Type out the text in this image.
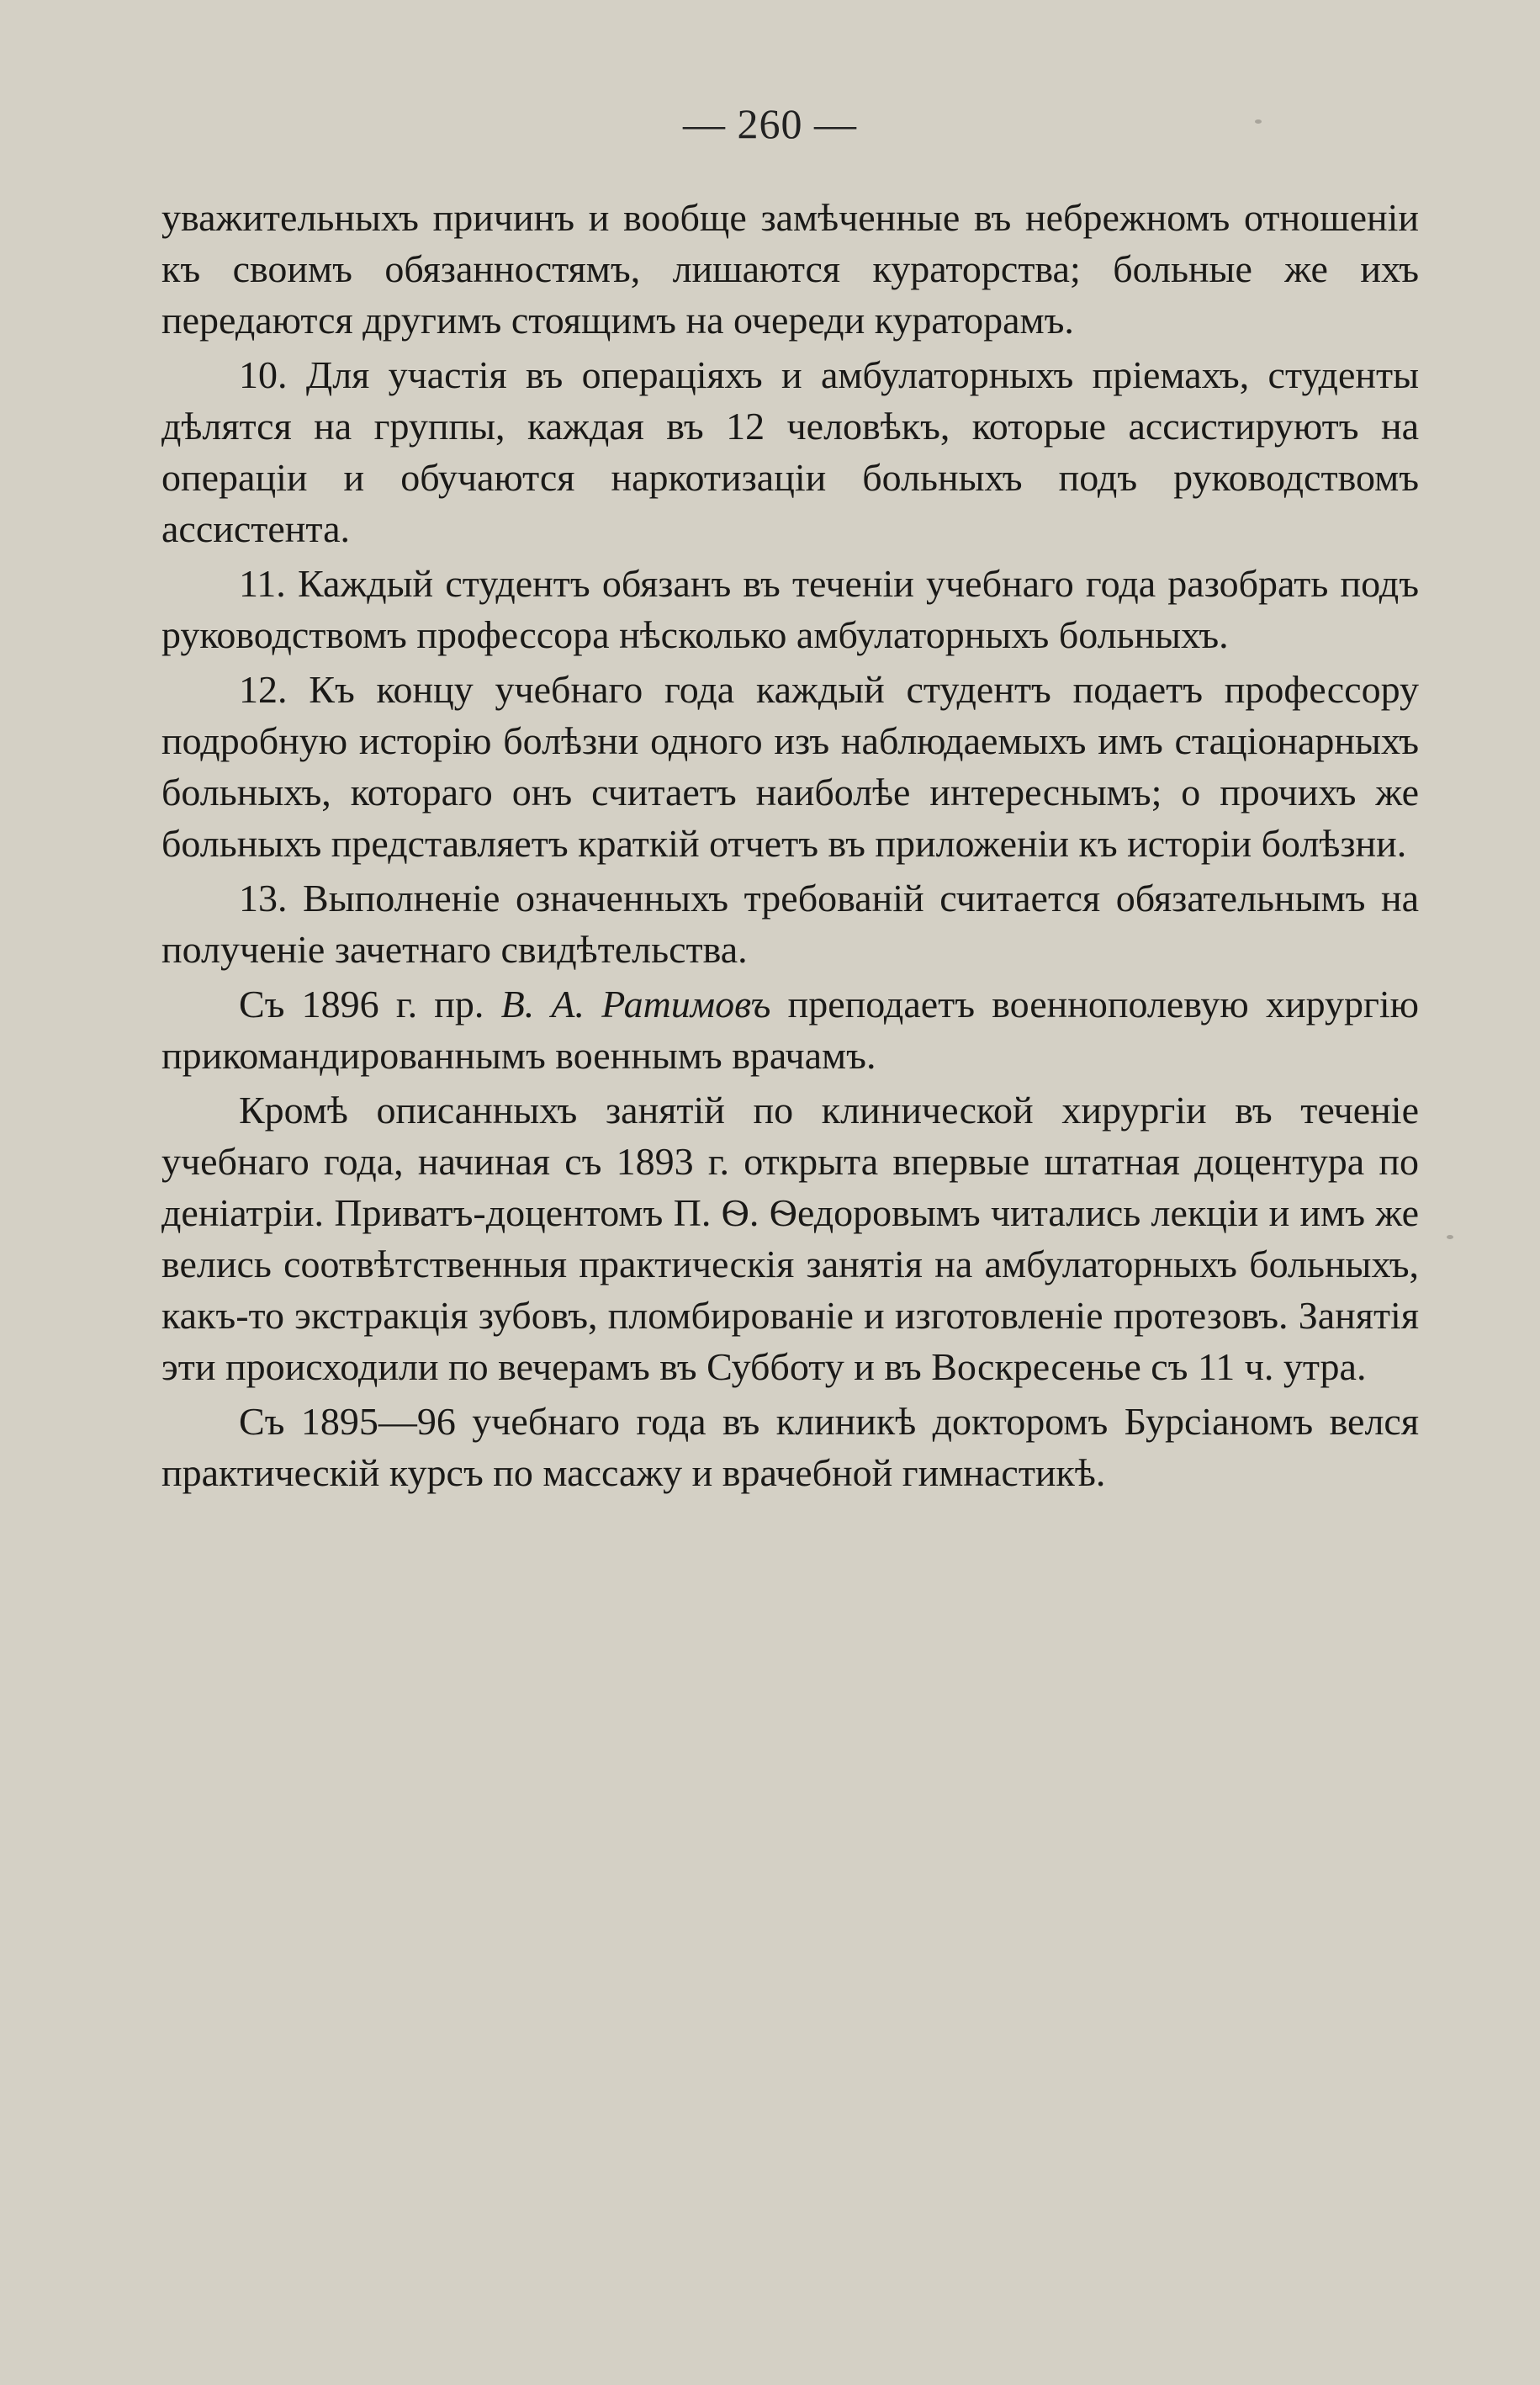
— 260 —

уважительныхъ причинъ и вообще замѣченные въ небрежномъ отношеніи къ своимъ обязанностямъ, лишаются кураторства; больные же ихъ передаются другимъ стоящимъ на очереди кураторамъ.

10. Для участія въ операціяхъ и амбулаторныхъ пріемахъ, студенты дѣлятся на группы, каждая въ 12 человѣкъ, которые ассистируютъ на операціи и обучаются наркотизаціи больныхъ подъ руководствомъ ассистента.

11. Каждый студентъ обязанъ въ теченіи учебнаго года разобрать подъ руководствомъ профессора нѣсколько амбулаторныхъ больныхъ.

12. Къ концу учебнаго года каждый студентъ подаетъ профессору подробную исторію болѣзни одного изъ наблюдаемыхъ имъ стаціонарныхъ больныхъ, котораго онъ считаетъ наиболѣе интереснымъ; о прочихъ же больныхъ представляетъ краткій отчетъ въ приложеніи къ исторіи болѣзни.

13. Выполненіе означенныхъ требованій считается обязательнымъ на полученіе зачетнаго свидѣтельства.

Съ 1896 г. пр. В. А. Ратимовъ преподаетъ военнополевую хирургію прикомандированнымъ военнымъ врачамъ.

Кромѣ описанныхъ занятій по клинической хирургіи въ теченіе учебнаго года, начиная съ 1893 г. открыта впервые штатная доцентура по деніатріи. Приватъ-доцентомъ П. Ѳ. Ѳедоровымъ читались лекціи и имъ же велись соотвѣтственныя практическія занятія на амбулаторныхъ больныхъ, какъ-то экстракція зубовъ, пломбированіе и изготовленіе протезовъ. Занятія эти происходили по вечерамъ въ Субботу и въ Воскресенье съ 11 ч. утра.

Съ 1895—96 учебнаго года въ клиникѣ докторомъ Бурсіаномъ велся практическій курсъ по массажу и врачебной гимнастикѣ.
